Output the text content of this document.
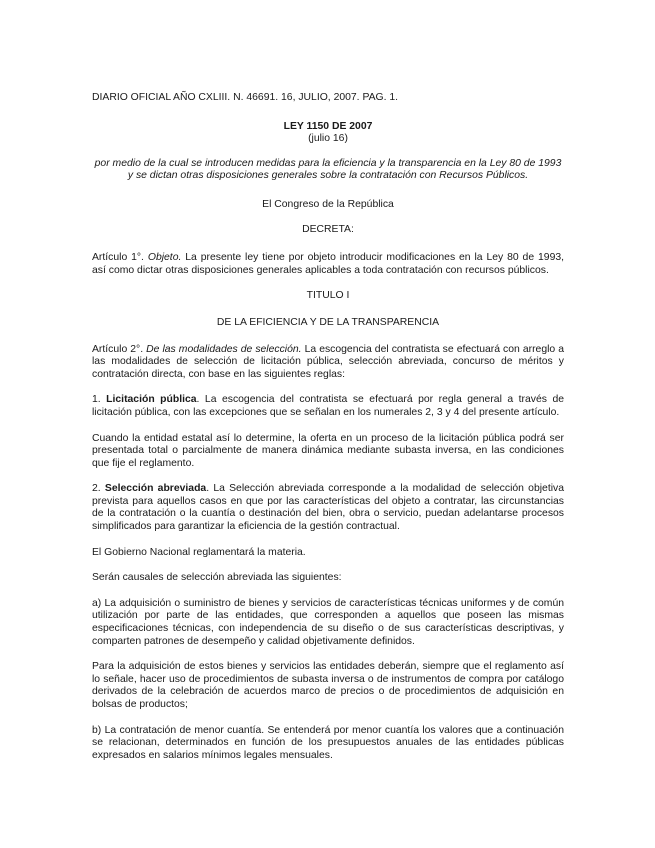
DIARIO OFICIAL AÑO CXLIII. N. 46691. 16, JULIO, 2007. PAG. 1.
LEY 1150 DE 2007
(julio 16)
por medio de la cual se introducen medidas para la eficiencia y la transparencia en la Ley 80 de 1993 y se dictan otras disposiciones generales sobre la contratación con Recursos Públicos.
El Congreso de la República
DECRETA:

Artículo 1°. Objeto. La presente ley tiene por objeto introducir modificaciones en la Ley 80 de 1993, así como dictar otras disposiciones generales aplicables a toda contratación con recursos públicos.

TITULO I
DE LA EFICIENCIA Y DE LA TRANSPARENCIA

Artículo 2°. De las modalidades de selección. La escogencia del contratista se efectuará con arreglo a las modalidades de selección de licitación pública, selección abreviada, concurso de méritos y contratación directa, con base en las siguientes reglas:

1. Licitación pública. La escogencia del contratista se efectuará por regla general a través de licitación pública, con las excepciones que se señalan en los numerales 2, 3 y 4 del presente artículo.

Cuando la entidad estatal así lo determine, la oferta en un proceso de la licitación pública podrá ser presentada total o parcialmente de manera dinámica mediante subasta inversa, en las condiciones que fije el reglamento.

2. Selección abreviada. La Selección abreviada corresponde a la modalidad de selección objetiva prevista para aquellos casos en que por las características del objeto a contratar, las circunstancias de la contratación o la cuantía o destinación del bien, obra o servicio, puedan adelantarse procesos simplificados para garantizar la eficiencia de la gestión contractual.

El Gobierno Nacional reglamentará la materia.

Serán causales de selección abreviada las siguientes:

a) La adquisición o suministro de bienes y servicios de características técnicas uniformes y de común utilización por parte de las entidades, que corresponden a aquellos que poseen las mismas especificaciones técnicas, con independencia de su diseño o de sus características descriptivas, y comparten patrones de desempeño y calidad objetivamente definidos.

Para la adquisición de estos bienes y servicios las entidades deberán, siempre que el reglamento así lo señale, hacer uso de procedimientos de subasta inversa o de instrumentos de compra por catálogo derivados de la celebración de acuerdos marco de precios o de procedimientos de adquisición en bolsas de productos;

b) La contratación de menor cuantía. Se entenderá por menor cuantía los valores que a continuación se relacionan, determinados en función de los presupuestos anuales de las entidades públicas expresados en salarios mínimos legales mensuales.
